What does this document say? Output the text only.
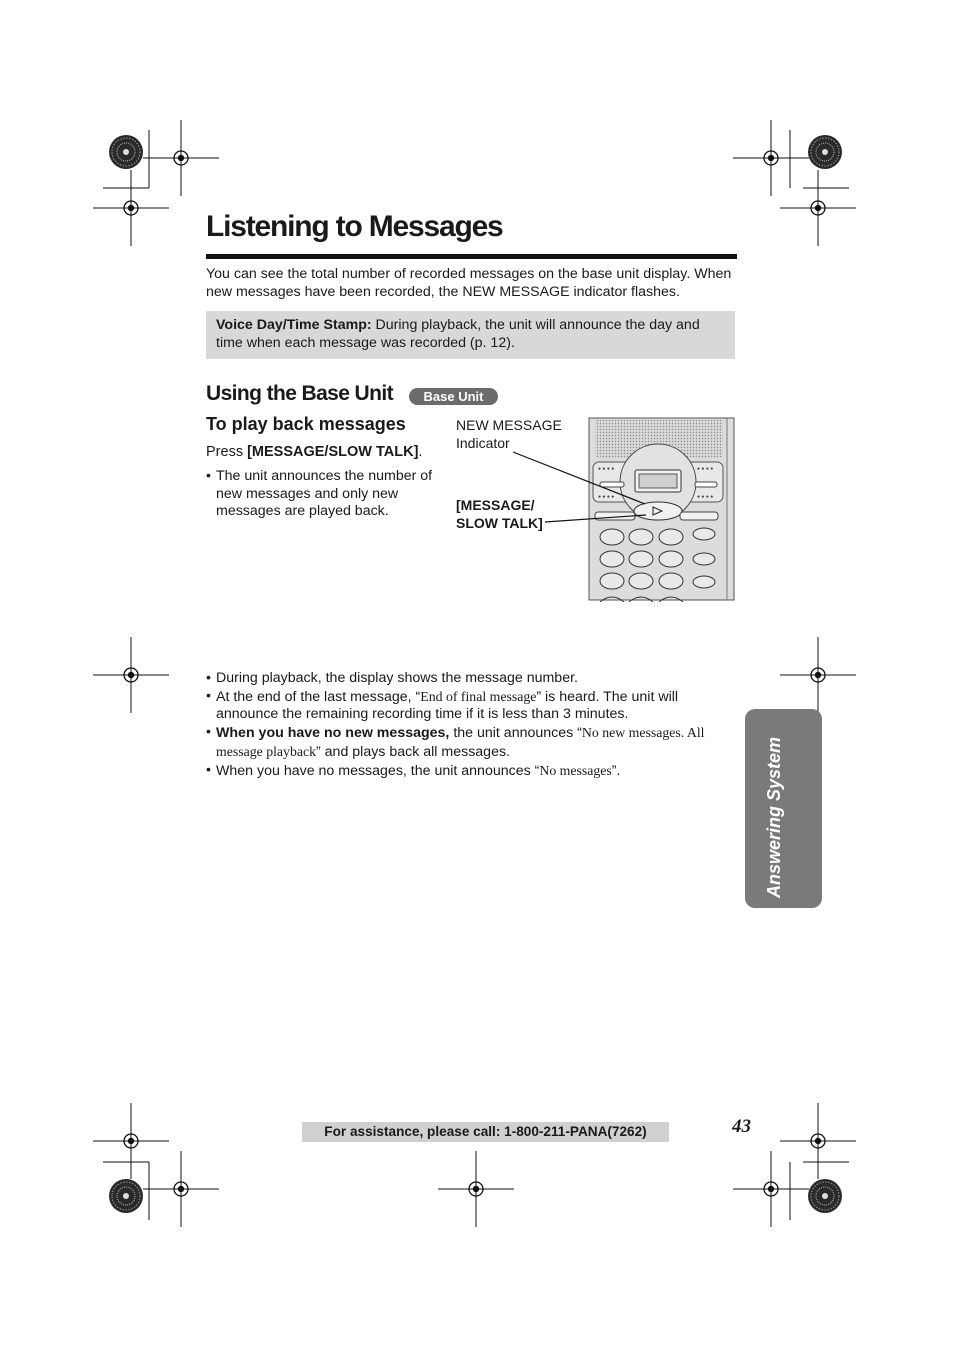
Listening to Messages

You can see the total number of recorded messages on the base unit display. When new messages have been recorded, the NEW MESSAGE indicator flashes.

Voice Day/Time Stamp: During playback, the unit will announce the day and time when each message was recorded (p. 12).

Using the Base Unit	Base Unit
To play back messages

Press [MESSAGE/SLOW TALK].

• The unit announces the number of new messages and only new messages are played back.
NEW MESSAGE
Indicator
[MESSAGE/
SLOW TALK]
● ● ● ●
● ● ● ●
● ● ● ●
● ● ● ●
• During playback, the display shows the message number.
• At the end of the last message, “End of final message” is heard. The unit will announce the remaining recording time if it is less than 3 minutes.
• When you have no new messages, the unit announces “No new messages. All message playback” and plays back all messages.
• When you have no messages, the unit announces “No messages”.	Answering System
For assistance, please call: 1-800-211-PANA(7262)	43
